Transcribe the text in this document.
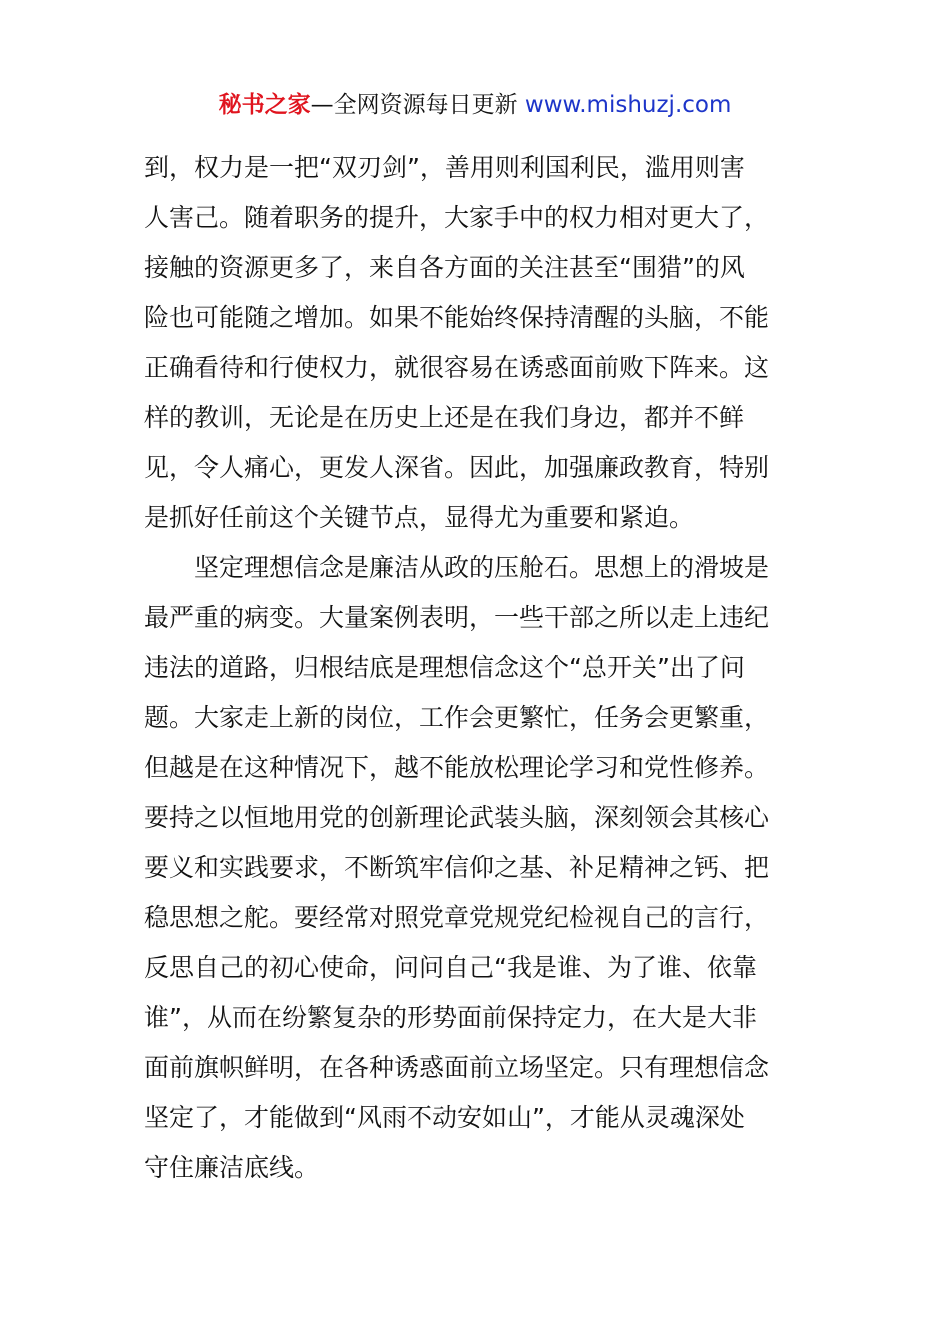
秘书之家—全网资源每日更新 www.mishuzj.com
到，权力是一把“双刃剑”，善用则利国利民，滥用则害
人害己。随着职务的提升，大家手中的权力相对更大了，
接触的资源更多了，来自各方面的关注甚至“围猎”的风
险也可能随之增加。如果不能始终保持清醒的头脑，不能
正确看待和行使权力，就很容易在诱惑面前败下阵来。这
样的教训，无论是在历史上还是在我们身边，都并不鲜
见，令人痛心，更发人深省。因此，加强廉政教育，特别
是抓好任前这个关键节点，显得尤为重要和紧迫。
坚定理想信念是廉洁从政的压舱石。思想上的滑坡是
最严重的病变。大量案例表明，一些干部之所以走上违纪
违法的道路，归根结底是理想信念这个“总开关”出了问
题。大家走上新的岗位，工作会更繁忙，任务会更繁重，
但越是在这种情况下，越不能放松理论学习和党性修养。
要持之以恒地用党的创新理论武装头脑，深刻领会其核心
要义和实践要求，不断筑牢信仰之基、补足精神之钙、把
稳思想之舵。要经常对照党章党规党纪检视自己的言行，
反思自己的初心使命，问问自己“我是谁、为了谁、依靠
谁”，从而在纷繁复杂的形势面前保持定力，在大是大非
面前旗帜鲜明，在各种诱惑面前立场坚定。只有理想信念
坚定了，才能做到“风雨不动安如山”，才能从灵魂深处
守住廉洁底线。
